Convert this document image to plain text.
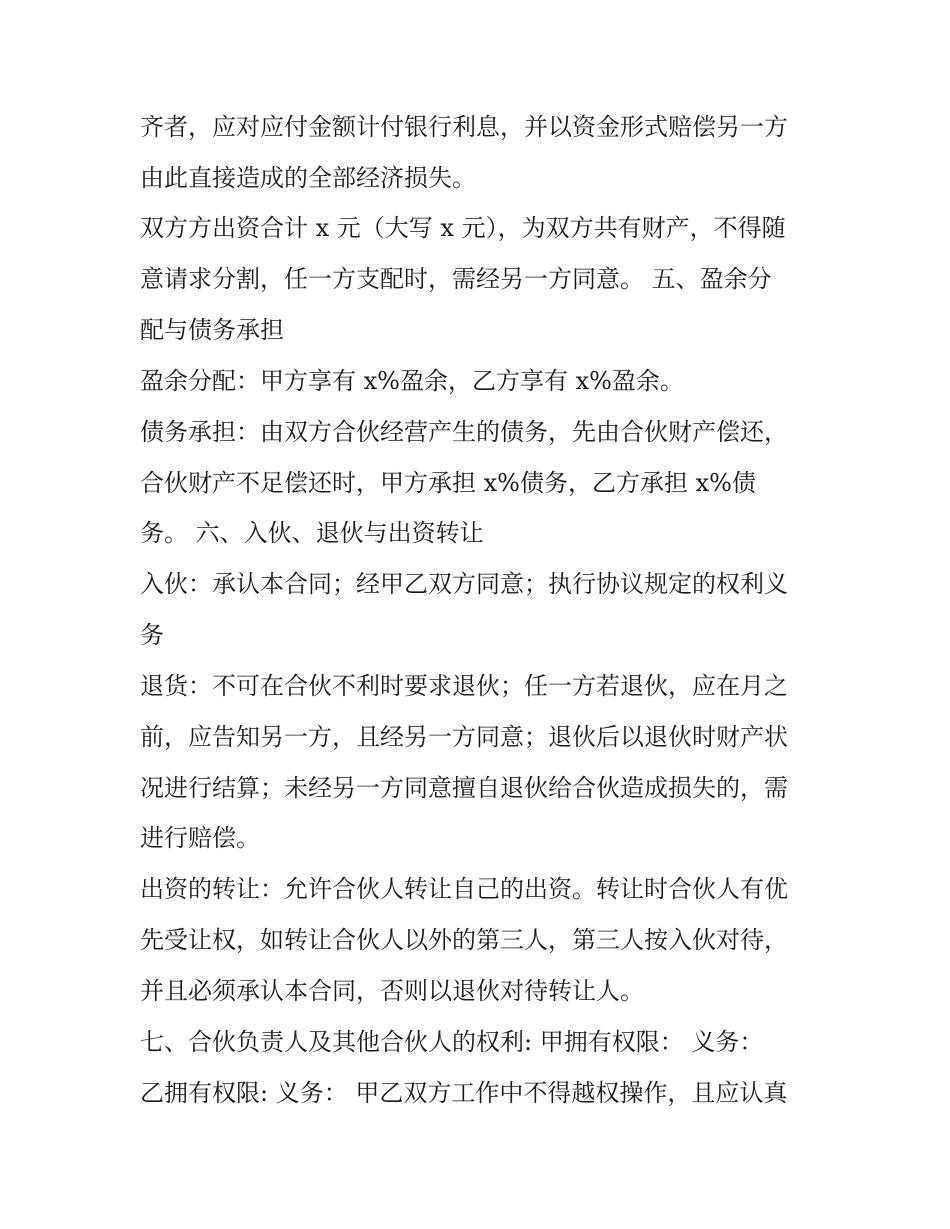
齐者，应对应付金额计付银行利息，并以资金形式赔偿另一方
由此直接造成的全部经济损失。
双方方出资合计 x 元（大写 x 元），为双方共有财产，不得随
意请求分割，任一方支配时，需经另一方同意。 五、盈余分
配与债务承担
盈余分配：甲方享有 x%盈余，乙方享有 x%盈余。
债务承担：由双方合伙经营产生的债务，先由合伙财产偿还，
合伙财产不足偿还时，甲方承担 x%债务，乙方承担 x%债
务。 六、入伙、退伙与出资转让
入伙：承认本合同；经甲乙双方同意；执行协议规定的权利义
务
退货：不可在合伙不利时要求退伙；任一方若退伙，应在月之
前，应告知另一方，且经另一方同意；退伙后以退伙时财产状
况进行结算；未经另一方同意擅自退伙给合伙造成损失的，需
进行赔偿。
出资的转让：允许合伙人转让自己的出资。转让时合伙人有优
先受让权，如转让合伙人以外的第三人，第三人按入伙对待，
并且必须承认本合同，否则以退伙对待转让人。
七、合伙负责人及其他合伙人的权利: 甲拥有权限： 义务：
乙拥有权限: 义务： 甲乙双方工作中不得越权操作，且应认真
